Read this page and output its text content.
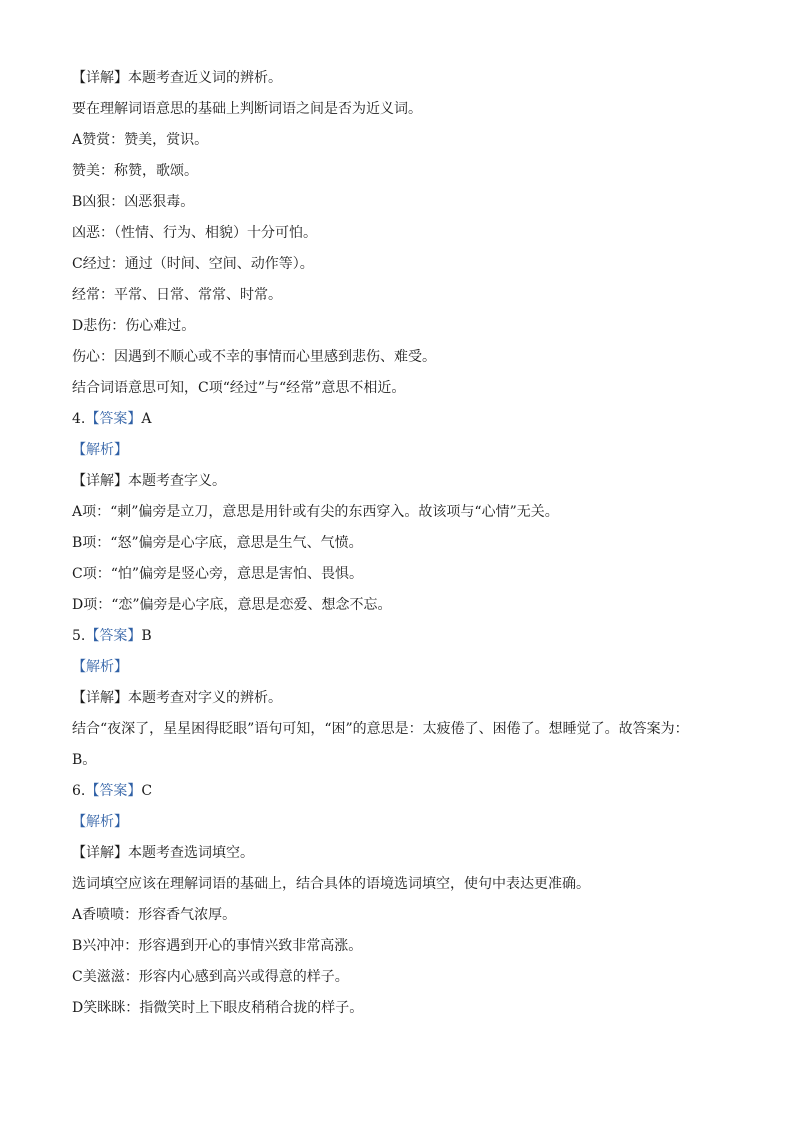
【详解】本题考查近义词的辨析。
要在理解词语意思的基础上判断词语之间是否为近义词。
A赞赏：赞美，赏识。
赞美：称赞，歌颂。
B凶狠：凶恶狠毒。
凶恶：（性情、行为、相貌）十分可怕。
C经过：通过（时间、空间、动作等）。
经常：平常、日常、常常、时常。
D悲伤：伤心难过。
伤心：因遇到不顺心或不幸的事情而心里感到悲伤、难受。
结合词语意思可知，C项“经过”与“经常”意思不相近。
4.【答案】A
【解析】
【详解】本题考查字义。
A项：“刺”偏旁是立刀，意思是用针或有尖的东西穿入。故该项与“心情”无关。
B项：“怒”偏旁是心字底，意思是生气、气愤。
C项：“怕”偏旁是竖心旁，意思是害怕、畏惧。
D项：“恋”偏旁是心字底，意思是恋爱、想念不忘。
5.【答案】B
【解析】
【详解】本题考查对字义的辨析。
结合“夜深了，星星困得眨眼”语句可知，“困”的意思是：太疲倦了、困倦了。想睡觉了。故答案为：
B。
6.【答案】C
【解析】
【详解】本题考查选词填空。
选词填空应该在理解词语的基础上，结合具体的语境选词填空，使句中表达更准确。
A香喷喷：形容香气浓厚。
B兴冲冲：形容遇到开心的事情兴致非常高涨。
C美滋滋：形容内心感到高兴或得意的样子。
D笑眯眯：指微笑时上下眼皮稍稍合拢的样子。
